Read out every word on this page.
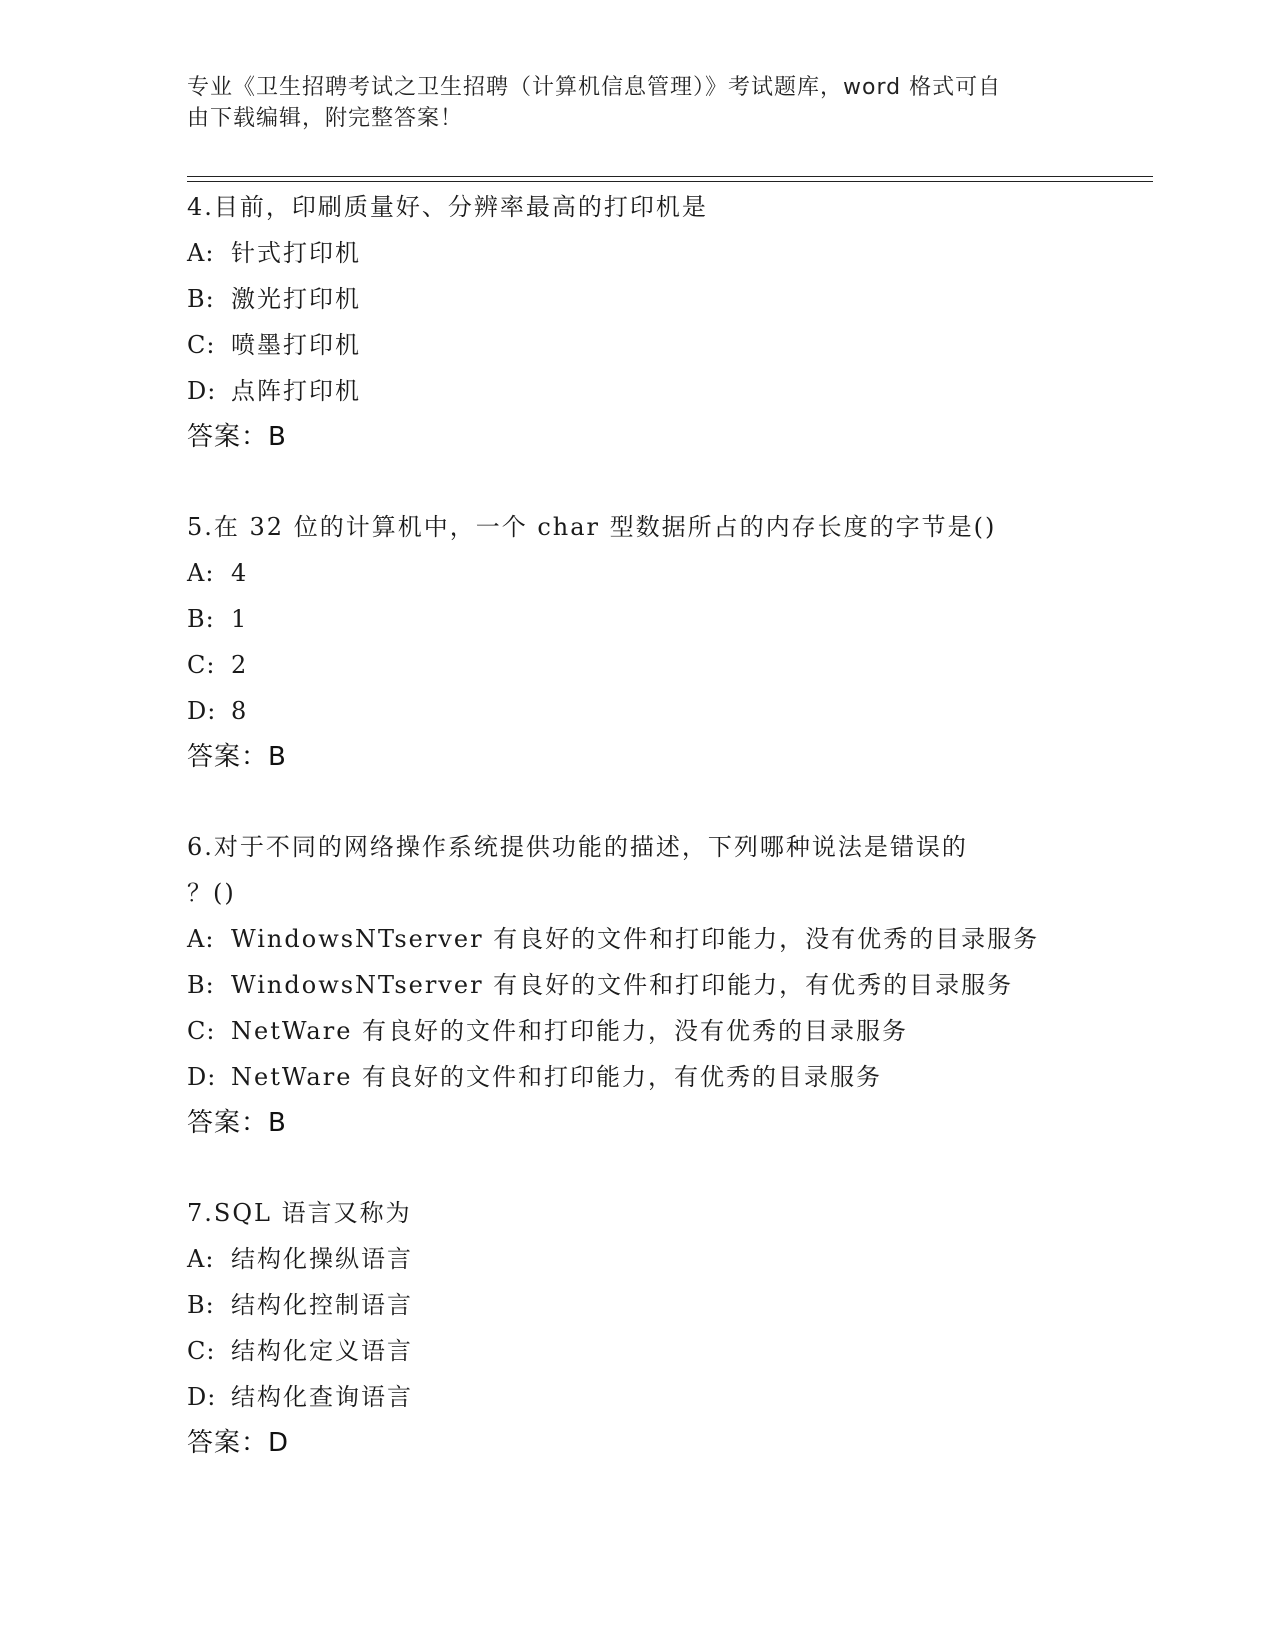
专业《卫生招聘考试之卫生招聘（计算机信息管理）》考试题库，word 格式可自
由下载编辑，附完整答案！
4.目前，印刷质量好、分辨率最高的打印机是
A: 针式打印机
B: 激光打印机
C: 喷墨打印机
D: 点阵打印机
答案：B
5.在 32 位的计算机中，一个 char 型数据所占的内存长度的字节是()
A: 4
B: 1
C: 2
D: 8
答案：B
6.对于不同的网络操作系统提供功能的描述，下列哪种说法是错误的
？()
A: WindowsNTserver 有良好的文件和打印能力，没有优秀的目录服务
B: WindowsNTserver 有良好的文件和打印能力，有优秀的目录服务
C: NetWare 有良好的文件和打印能力，没有优秀的目录服务
D: NetWare 有良好的文件和打印能力，有优秀的目录服务
答案：B
7.SQL 语言又称为
A: 结构化操纵语言
B: 结构化控制语言
C: 结构化定义语言
D: 结构化查询语言
答案：D
